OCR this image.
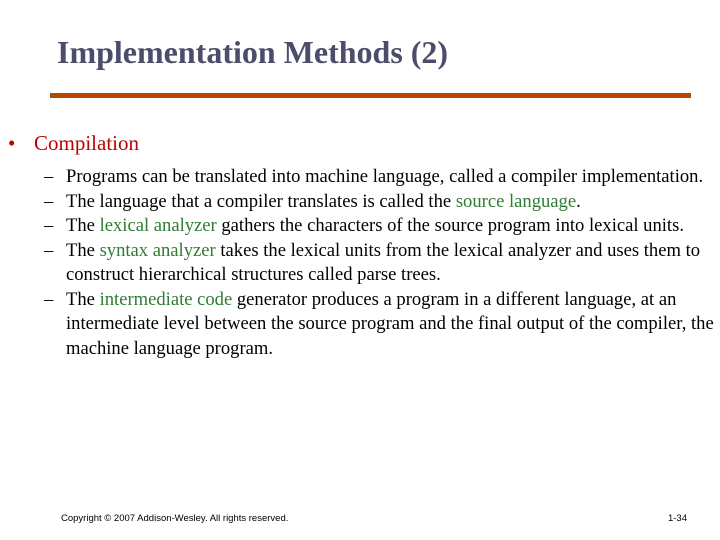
Implementation Methods (2)
• Compilation
– Programs can be translated into machine language, called a compiler implementation.
– The language that a compiler translates is called the source language.
– The lexical analyzer gathers the characters of the source program into lexical units.
– The syntax analyzer takes the lexical units from the lexical analyzer and uses them to construct hierarchical structures called parse trees.
– The intermediate code generator produces a program in a different language, at an intermediate level between the source program and the final output of the compiler, the machine language program.
Copyright © 2007 Addison-Wesley. All rights reserved.	1-34
